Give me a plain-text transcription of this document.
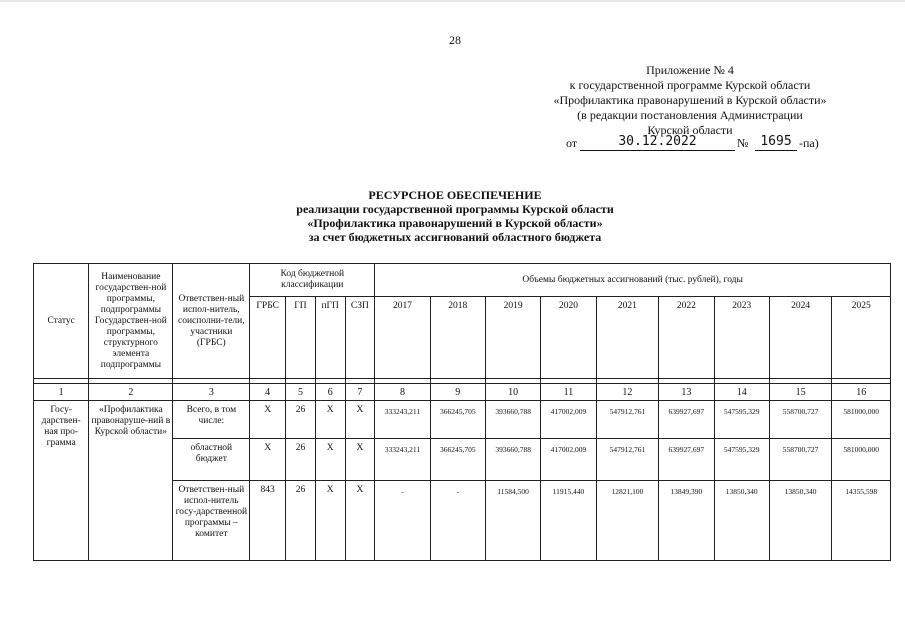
28
Приложение № 4
к государственной программе Курской области
«Профилактика правонарушений в Курской области»
(в редакции постановления Администрации
Курской области
от	30.12.2022	№ 1695 -па)
РЕСУРСНОЕ ОБЕСПЕЧЕНИЕ
реализации государственной программы Курской области
«Профилактика правонарушений в Курской области»
за счет бюджетных ассигнований областного бюджета
Статус	Наименование государствен-ной программы, подпрограммы Государствен-ной программы, структурного элемента подпрограммы	Ответствен-ный испол-нитель, соисполни-тели, участники (ГРБС)	Код бюджетной классификации				Объемы бюджетных ассигнований (тыс. рублей), годы								
			ГРБС	ГП	пГП	СЗП	2017	2018	2019	2020	2021	2022	2023	2024	2025

1	2	3	4	5	6	7	8	9	10	11	12	13	14	15	16
Госу-дарствен-ная про-грамма	«Профилактика правонаруше-ний в Курской области»	Всего, в том числе:	Х	26	Х	Х	333243,211	366245,705	393660,788	417002,009	547912,761	639927,697	547595,329	558700,727	581000,000
		областной бюджет	Х	26	Х	Х	333243,211	366245,705	393660,788	417002,009	547912,761	639927,697	547595,329	558700,727	581000,000
		Ответствен-ный испол-нитель госу-дарственной программы – комитет	843	26	Х	Х	-	-	11584,500	11915,440	12821,100	13849,390	13850,340	13850,340	14355,598
